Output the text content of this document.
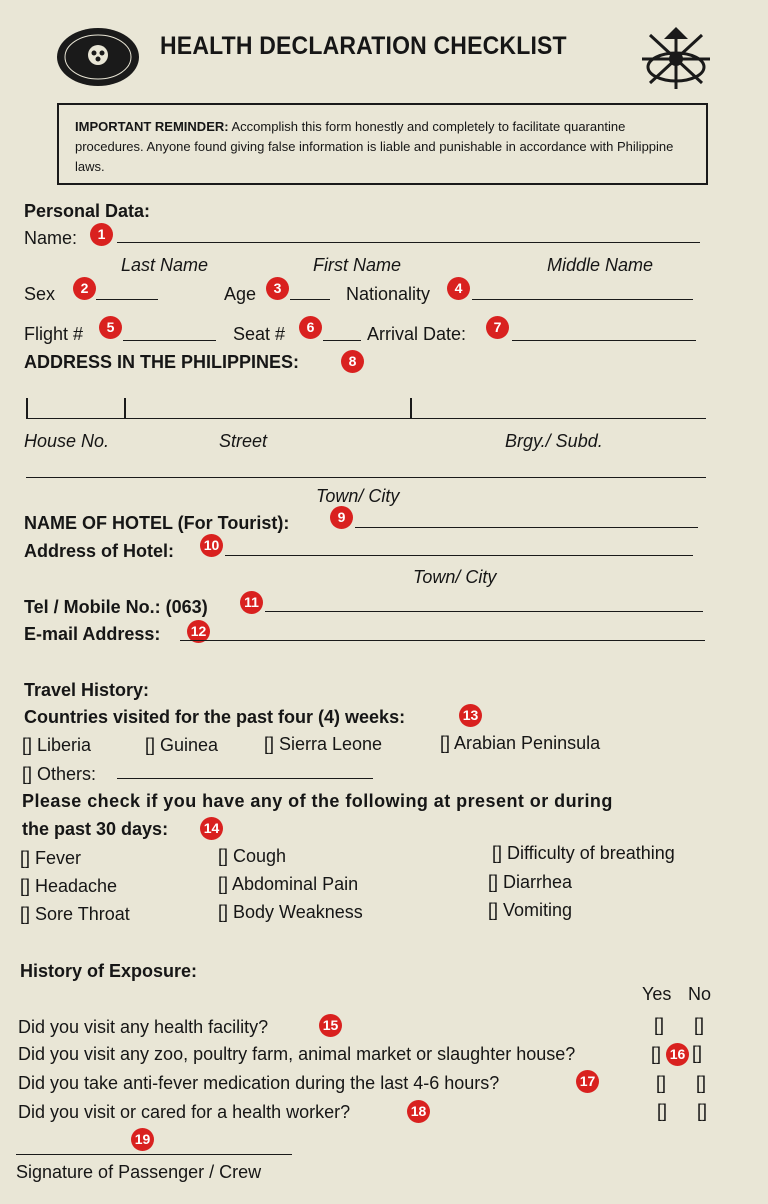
HEALTH DECLARATION CHECKLIST
IMPORTANT REMINDER: Accomplish this form honestly and completely to facilitate quarantine procedures. Anyone found giving false information is liable and punishable in accordance with Philippine laws.
Personal Data:
Name:	1
Last Name	First Name	Middle Name
Sex	2	Age	3	Nationality	4
Flight #	5	Seat #	6	Arrival Date:	7
ADDRESS IN THE PHILIPPINES:	8
House No.	Street	Brgy./ Subd.
Town/ City
NAME OF HOTEL (For Tourist):	9
Address of Hotel: 10
Town/ City
Tel / Mobile No.: (063)	11
E-mail Address: 12
Travel History:
Countries visited for the past four (4) weeks:	13
[] Liberia	[] Guinea	[] Sierra Leone	[] Arabian Peninsula
[] Others:
Please check if you have any of the following at present or during
the past 30 days:	14
[] Fever	[] Cough	[] Difficulty of breathing
[] Headache	[] Abdominal Pain	[] Diarrhea
[] Sore Throat	[] Body Weakness	[] Vomiting
History of Exposure:
Yes No
Did you visit any health facility?	15	[] []
Did you visit any zoo, poultry farm, animal market or slaughter house?	[] 16 []
Did you take anti-fever medication during the last 4-6 hours?	17	[] []
Did you visit or cared for a health worker?	18	[] []
19
Signature of Passenger / Crew
